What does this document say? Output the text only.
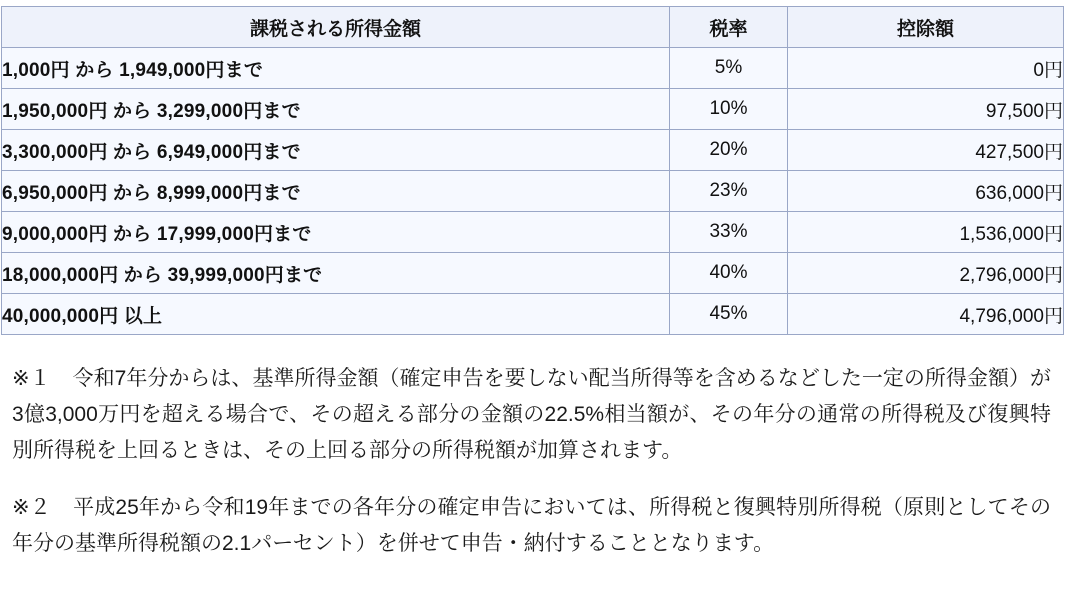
課税される所得金額	税率	控除額
1,000円 から 1,949,000円まで	5%	0円
1,950,000円 から 3,299,000円まで	10%	97,500円
3,300,000円 から 6,949,000円まで	20%	427,500円
6,950,000円 から 8,999,000円まで	23%	636,000円
9,000,000円 から 17,999,000円まで	33%	1,536,000円
18,000,000円 から 39,999,000円まで	40%	2,796,000円
40,000,000円 以上	45%	4,796,000円

※１ 令和7年分からは、基準所得金額（確定申告を要しない配当所得等を含めるなどした一定の所得金額）が3億3,000万円を超える場合で、その超える部分の金額の22.5%相当額が、その年分の通常の所得税及び復興特別所得税を上回るときは、その上回る部分の所得税額が加算されます。

※２ 平成25年から令和19年までの各年分の確定申告においては、所得税と復興特別所得税（原則としてその年分の基準所得税額の2.1パーセント）を併せて申告・納付することとなります。
